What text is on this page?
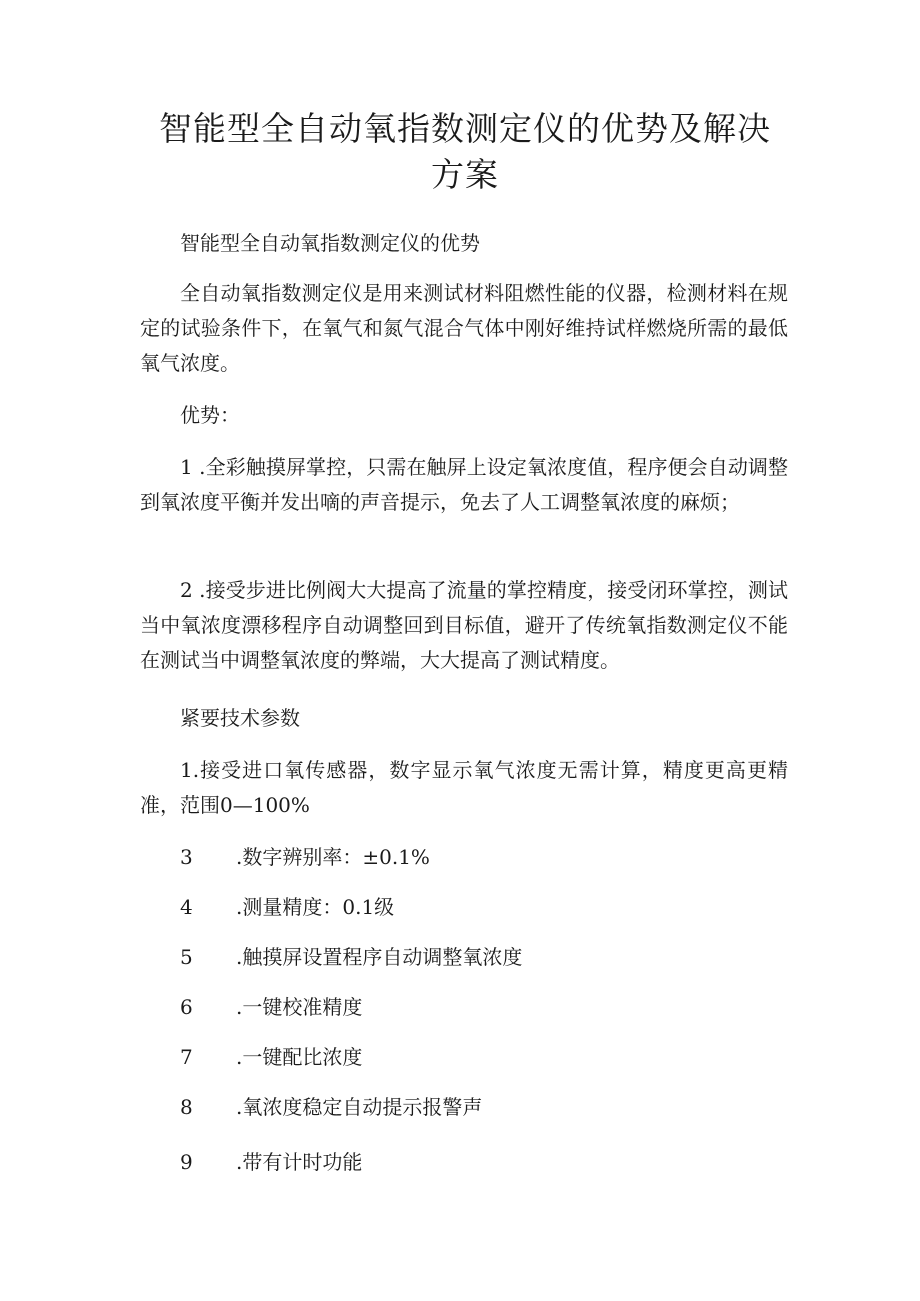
智能型全自动氧指数测定仪的优势及解决方案

智能型全自动氧指数测定仪的优势

全自动氧指数测定仪是用来测试材料阻燃性能的仪器，检测材料在规定的试验条件下，在氧气和氮气混合气体中刚好维持试样燃烧所需的最低氧气浓度。

优势：

1 .全彩触摸屏掌控，只需在触屏上设定氧浓度值，程序便会自动调整到氧浓度平衡并发出嘀的声音提示，免去了人工调整氧浓度的麻烦；

2 .接受步进比例阀大大提高了流量的掌控精度，接受闭环掌控，测试当中氧浓度漂移程序自动调整回到目标值，避开了传统氧指数测定仪不能在测试当中调整氧浓度的弊端，大大提高了测试精度。

紧要技术参数

1.接受进口氧传感器，数字显示氧气浓度无需计算，精度更高更精准，范围0—100%

3 .数字辨别率：±0.1%
4 .测量精度：0.1级
5 .触摸屏设置程序自动调整氧浓度
6 .一键校准精度
7 .一键配比浓度
8 .氧浓度稳定自动提示报警声
9 .带有计时功能
